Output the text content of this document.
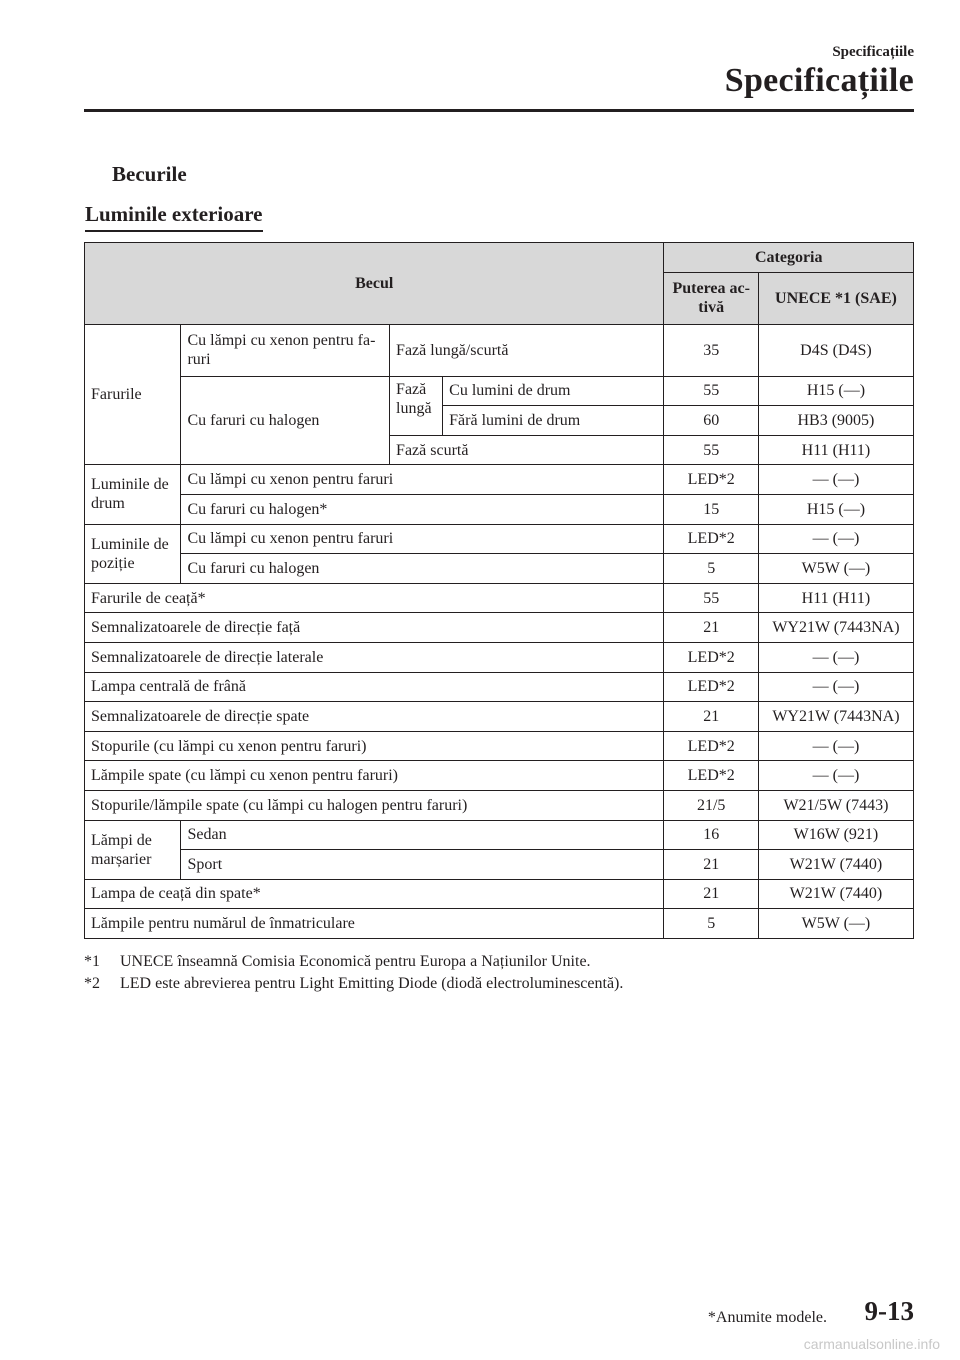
Specificațiile
Specificațiile
Becurile
Luminile exterioare
Becul				Categoria	
				Puterea ac-tivă	UNECE *1 (SAE)
Farurile	Cu lămpi cu xenon pentru fa-ruri	Fază lungă/scurtă		35	D4S (D4S)
	Cu faruri cu halogen	Fază lungă	Cu lumini de drum	55	H15 (—)
			Fără lumini de drum	60	HB3 (9005)
		Fază scurtă		55	H11 (H11)
Luminile de drum	Cu lămpi cu xenon pentru faruri			LED*2	— (—)
	Cu faruri cu halogen*			15	H15 (—)
Luminile de poziție	Cu lămpi cu xenon pentru faruri			LED*2	— (—)
	Cu faruri cu halogen			5	W5W (—)
Farurile de ceață*				55	H11 (H11)
Semnalizatoarele de direcție față				21	WY21W (7443NA)
Semnalizatoarele de direcție laterale				LED*2	— (—)
Lampa centrală de frână				LED*2	— (—)
Semnalizatoarele de direcție spate				21	WY21W (7443NA)
Stopurile (cu lămpi cu xenon pentru faruri)				LED*2	— (—)
Lămpile spate (cu lămpi cu xenon pentru faruri)				LED*2	— (—)
Stopurile/lămpile spate (cu lămpi cu halogen pentru faruri)				21/5	W21/5W (7443)
Lămpi de marșarier	Sedan			16	W16W (921)
	Sport			21	W21W (7440)
Lampa de ceață din spate*				21	W21W (7440)
Lămpile pentru numărul de înmatriculare				5	W5W (—)
*1 UNECE înseamnă Comisia Economică pentru Europa a Națiunilor Unite.
*2 LED este abrevierea pentru Light Emitting Diode (diodă electroluminescentă).
*Anumite modele. 9-13
carmanualsonline.info
